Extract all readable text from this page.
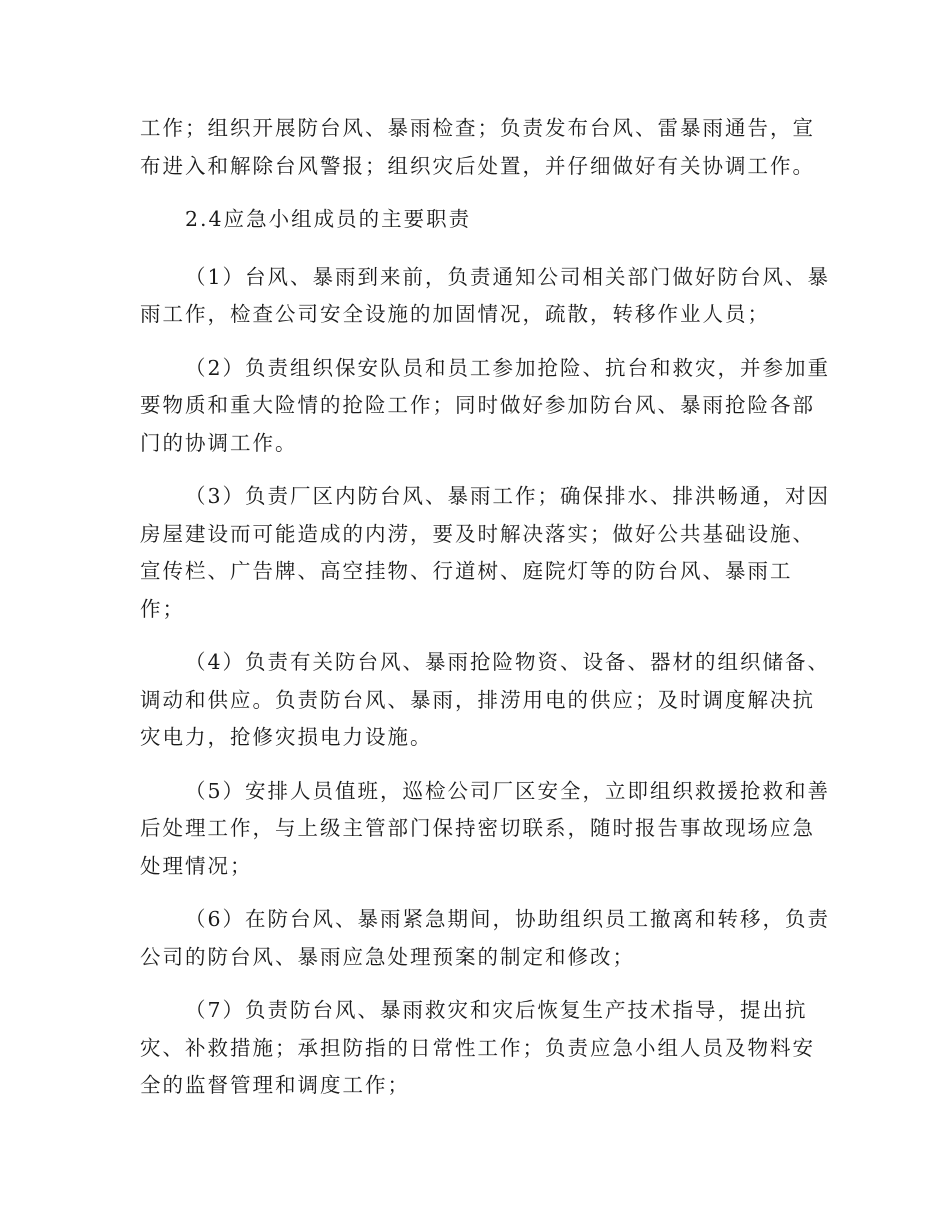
工作；组织开展防台风、暴雨检查；负责发布台风、雷暴雨通告，宣
布进入和解除台风警报；组织灾后处置，并仔细做好有关协调工作。

2.4应急小组成员的主要职责

（1）台风、暴雨到来前，负责通知公司相关部门做好防台风、暴
雨工作，检查公司安全设施的加固情况，疏散，转移作业人员；

（2）负责组织保安队员和员工参加抢险、抗台和救灾，并参加重
要物质和重大险情的抢险工作；同时做好参加防台风、暴雨抢险各部
门的协调工作。

（3）负责厂区内防台风、暴雨工作；确保排水、排洪畅通，对因
房屋建设而可能造成的内涝，要及时解决落实；做好公共基础设施、
宣传栏、广告牌、高空挂物、行道树、庭院灯等的防台风、暴雨工
作；

（4）负责有关防台风、暴雨抢险物资、设备、器材的组织储备、
调动和供应。负责防台风、暴雨，排涝用电的供应；及时调度解决抗
灾电力，抢修灾损电力设施。

（5）安排人员值班，巡检公司厂区安全，立即组织救援抢救和善
后处理工作，与上级主管部门保持密切联系，随时报告事故现场应急
处理情况；

（6）在防台风、暴雨紧急期间，协助组织员工撤离和转移，负责
公司的防台风、暴雨应急处理预案的制定和修改；

（7）负责防台风、暴雨救灾和灾后恢复生产技术指导，提出抗
灾、补救措施；承担防指的日常性工作；负责应急小组人员及物料安
全的监督管理和调度工作；
